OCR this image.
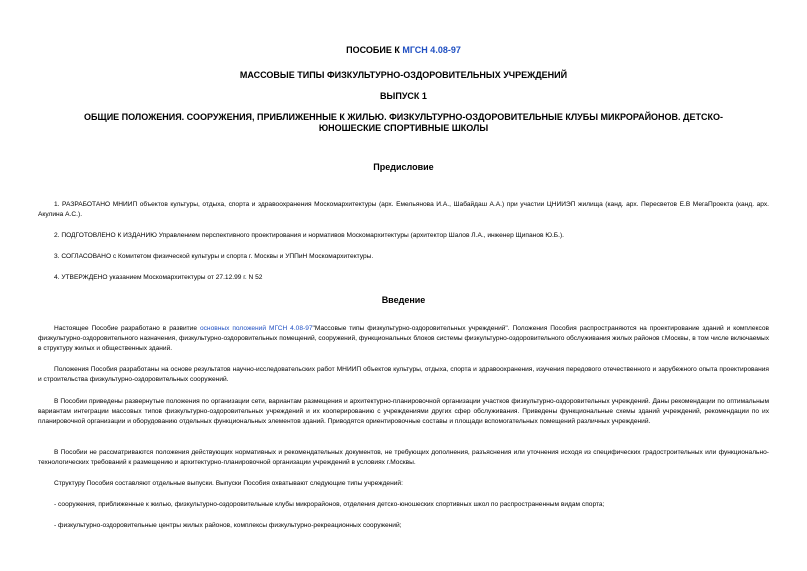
ПОСОБИЕ К МГСН 4.08-97
МАССОВЫЕ ТИПЫ ФИЗКУЛЬТУРНО-ОЗДОРОВИТЕЛЬНЫХ УЧРЕЖДЕНИЙ
ВЫПУСК 1
ОБЩИЕ ПОЛОЖЕНИЯ. СООРУЖЕНИЯ, ПРИБЛИЖЕННЫЕ К ЖИЛЬЮ. ФИЗКУЛЬТУРНО-ОЗДОРОВИТЕЛЬНЫЕ КЛУБЫ МИКРОРАЙОНОВ. ДЕТСКО-ЮНОШЕСКИЕ СПОРТИВНЫЕ ШКОЛЫ
Предисловие

1. РАЗРАБОТАНО МНИИП объектов культуры, отдыха, спорта и здравоохранения Москомархитектуры (арх. Емельянова И.А., Шабайдаш А.А.) при участии ЦНИИЭП жилища (канд. арх. Пересветов Е.В МегаПроекта (канд. арх. Акулина А.С.).

2. ПОДГОТОВЛЕНО К ИЗДАНИЮ Управлением перспективного проектирования и нормативов Москомархитектуры (архитектор Шалов Л.А., инженер Щипанов Ю.Б.).

3. СОГЛАСОВАНО с Комитетом физической культуры и спорта г. Москвы и УППиН Москомархитектуры.

4. УТВЕРЖДЕНО указанием Москомархитектуры от 27.12.99 г. N 52

Введение

Настоящее Пособие разработано в развитие основных положений МГСН 4.08-97"Массовые типы физкультурно-оздоровительных учреждений". Положения Пособия распространяются на проектирование зданий и комплексов физкультурно-оздоровительного назначения, физкультурно-оздоровительных помещений, сооружений, функциональных блоков системы физкультурно-оздоровительного обслуживания жилых районов г.Москвы, в том числе включаемых в структуру жилых и общественных зданий.

Положения Пособия разработаны на основе результатов научно-исследовательских работ МНИИП объектов культуры, отдыха, спорта и здравоохранения, изучения передового отечественного и зарубежного опыта проектирования и строительства физкультурно-оздоровительных сооружений.

В Пособии приведены развернутые положения по организации сети, вариантам размещения и архитектурно-планировочной организации участков физкультурно-оздоровительных учреждений. Даны рекомендации по оптимальным вариантам интеграции массовых типов физкультурно-оздоровительных учреждений и их кооперированию с учреждениями других сфер обслуживания. Приведены функциональные схемы зданий учреждений, рекомендации по их планировочной организации и оборудованию отдельных функциональных элементов зданий. Приводятся ориентировочные составы и площади вспомогательных помещений различных учреждений.

В Пособии не рассматриваются положения действующих нормативных и рекомендательных документов, не требующих дополнения, разъяснения или уточнения исходя из специфических градостроительных или функционально-технологических требований к размещению и архитектурно-планировочной организации учреждений в условиях г.Москвы.

Структуру Пособия составляют отдельные выпуски. Выпуски Пособия охватывают следующие типы учреждений:

- сооружения, приближенные к жилью, физкультурно-оздоровительные клубы микрорайонов, отделения детско-юношеских спортивных школ по распространенным видам спорта;

- физкультурно-оздоровительные центры жилых районов, комплексы физкультурно-рекреационных сооружений;
